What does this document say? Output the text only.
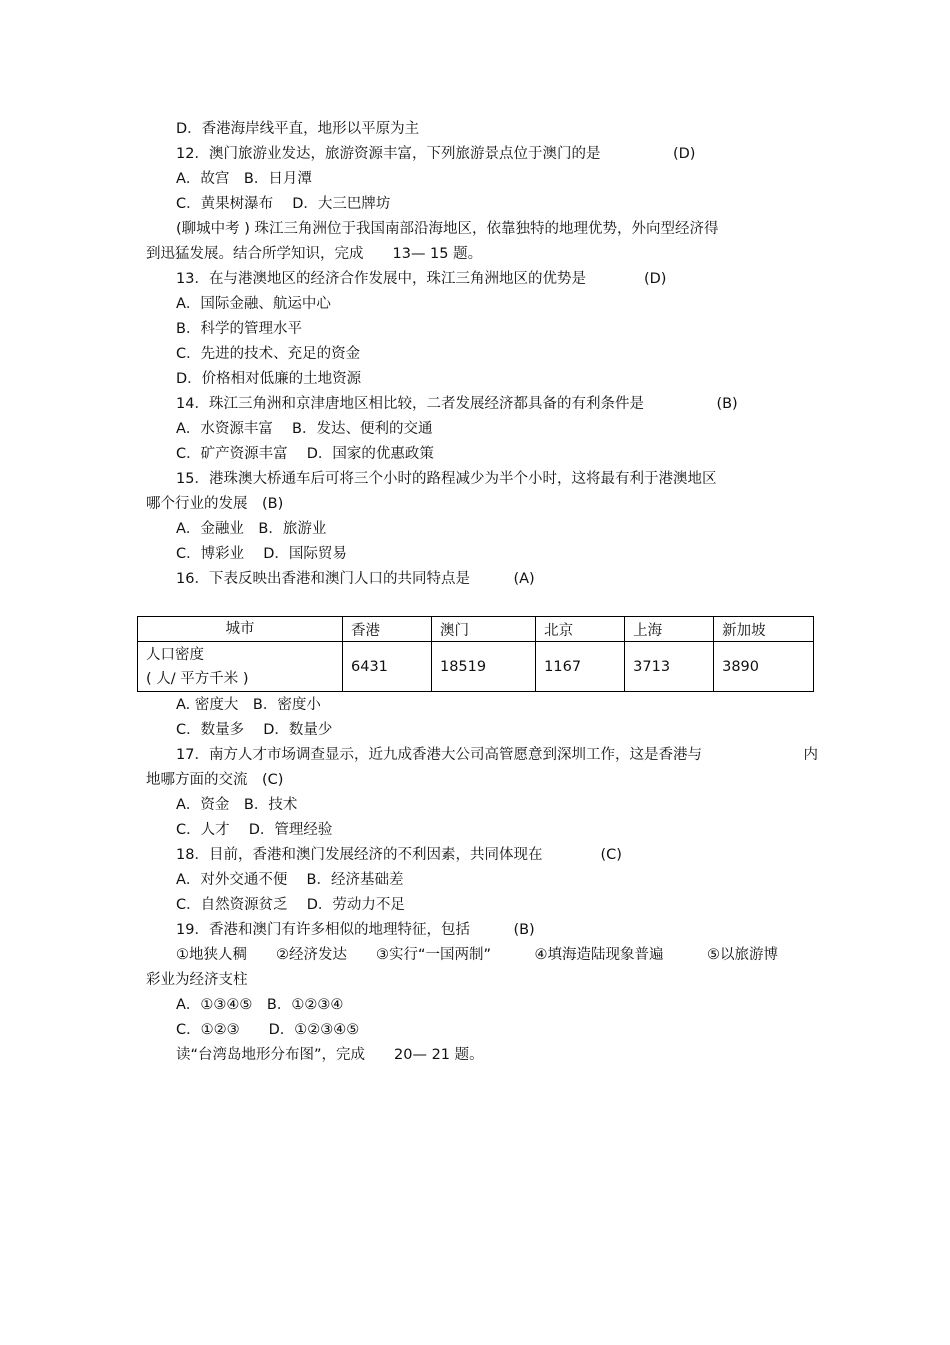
D．香港海岸线平直，地形以平原为主
12．澳门旅游业发达，旅游资源丰富，下列旅游景点位于澳门的是　　　　　(D)
A．故宫　B．日月潭
C．黄果树瀑布　 D．大三巴牌坊
(聊城中考 ) 珠江三角洲位于我国南部沿海地区，依靠独特的地理优势，外向型经济得
到迅猛发展。结合所学知识，完成　　13— 15 题。
13．在与港澳地区的经济合作发展中，珠江三角洲地区的优势是　　　　(D)
A．国际金融、航运中心
B．科学的管理水平
C．先进的技术、充足的资金
D．价格相对低廉的土地资源
14．珠江三角洲和京津唐地区相比较，二者发展经济都具备的有利条件是　　　　　(B)
A．水资源丰富　 B．发达、便利的交通
C．矿产资源丰富　 D．国家的优惠政策
15．港珠澳大桥通车后可将三个小时的路程减少为半个小时，这将最有利于港澳地区
哪个行业的发展　(B)
A．金融业　B．旅游业
C．博彩业　 D．国际贸易
16．下表反映出香港和澳门人口的共同特点是　　　(A)
城市	香港	澳门	北京	上海	新加坡

人口密度
( 人/ 平方千米 )	6431	18519	1167	3713	3890
A. 密度大　B．密度小
C．数量多　 D．数量少
17．南方人才市场调查显示，近九成香港大公司高管愿意到深圳工作，这是香港与　　　　　　　内
地哪方面的交流　(C)
A．资金　B．技术
C．人才　 D．管理经验
18．目前，香港和澳门发展经济的不利因素，共同体现在　　　　(C)
A．对外交通不便　 B．经济基础差
C．自然资源贫乏　 D．劳动力不足
19．香港和澳门有许多相似的地理特征，包括　　　(B)
①地狭人稠　　②经济发达　　③实行“一国两制”　　　④填海造陆现象普遍　　　⑤以旅游博
彩业为经济支柱
A．①③④⑤　B．①②③④
C．①②③　　D．①②③④⑤
读“台湾岛地形分布图”，完成　　20— 21 题。
